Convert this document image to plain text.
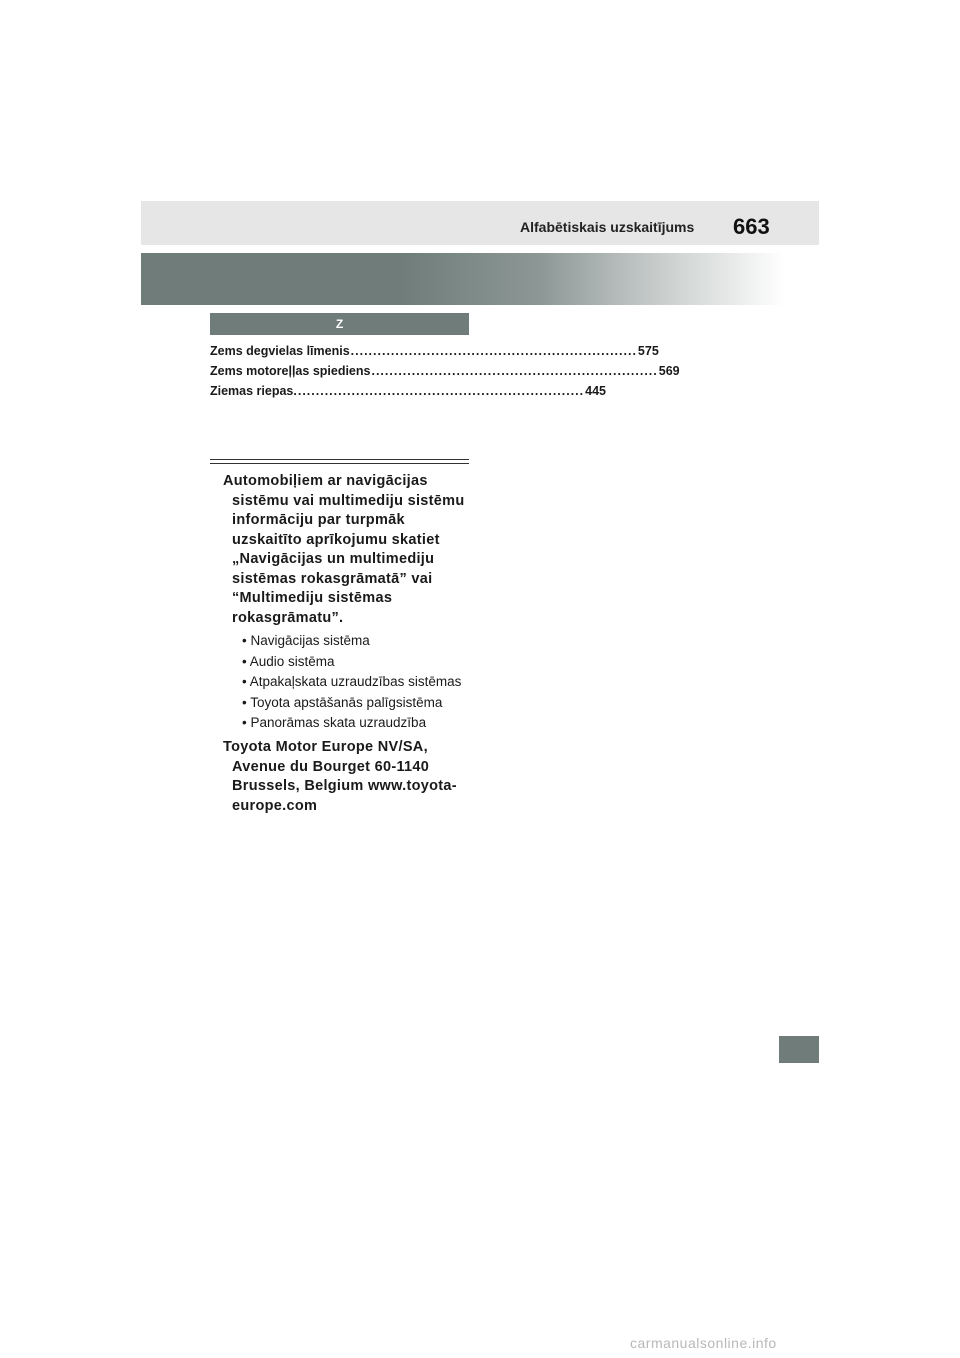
Alfabētiskais uzskaitījums 663
Z
Zems degvielas līmenis ................................................................ 575
Zems motoreļļas spiediens ................................................................ 569
Ziemas riepas. ................................................................ 445

Automobiļiem ar navigācijas sistēmu vai multimediju sistēmu informāciju par turpmāk uzskaitīto aprīkojumu skatiet „Navigācijas un multimediju sistēmas rokasgrāmatā” vai “Multimediju sistēmas rokasgrāmatu”.

• Navigācijas sistēma
• Audio sistēma
• Atpakaļskata uzraudzības sistēmas
• Toyota apstāšanās palīgsistēma
• Panorāmas skata uzraudzība

Toyota Motor Europe NV/SA, Avenue du Bourget 60-1140 Brussels, Belgium www.toyota-europe.com

carmanualsonline.info
